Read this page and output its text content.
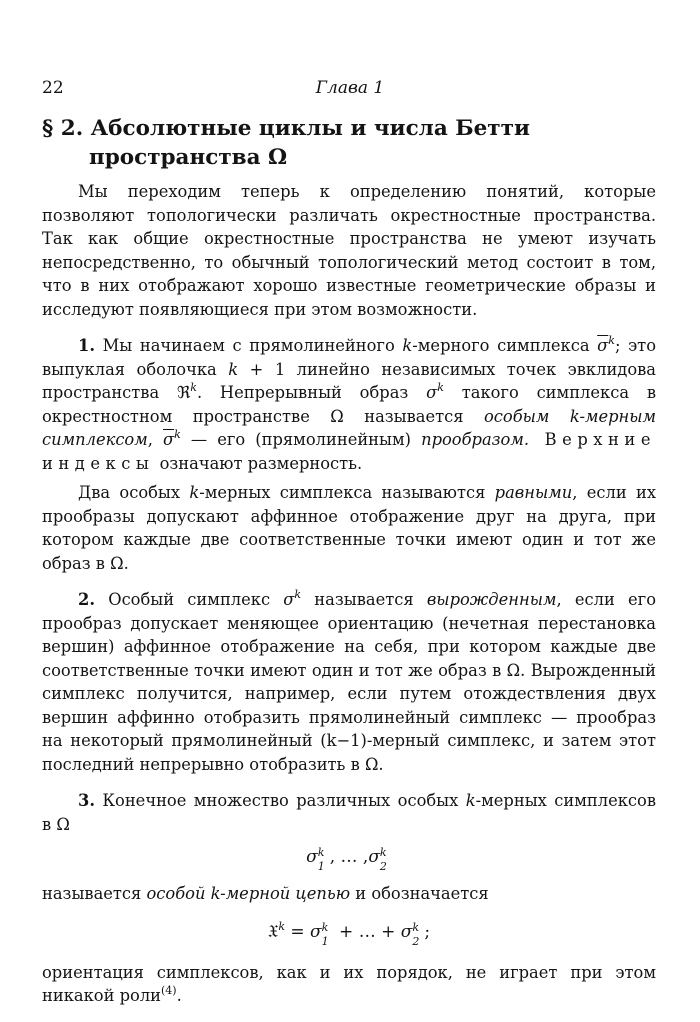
22	Глава 1
§ 2. Абсолютные циклы и числа Бетти
пространства Ω

Мы переходим теперь к определению понятий, которые позволяют топологически различать окрестностные пространства. Так как общие окрестностные пространства не умеют изучать непосредственно, то обычный топологический метод состоит в том, что в них отображают хорошо известные геометрические образы и исследуют появляющиеся при этом возможности.

1. Мы начинаем с прямолинейного k-мерного симплекса $\overline{\sigma}^k$; это выпуклая оболочка k + 1 линейно независимых точек эвклидова пространства ℜ$^k$. Непрерывный образ $\sigma^k$ такого симплекса в окрестностном пространстве Ω называется особым k-мерным симплексом, $\overline{\sigma}^k$ — его (прямолинейным) прообразом. Верхние индексы означают размерность.

Два особых k-мерных симплекса называются равными, если их прообразы допускают аффинное отображение друг на друга, при котором каждые две соответственные точки имеют один и тот же образ в Ω.

2. Особый симплекс $\sigma^k$ называется вырожденным, если его прообраз допускает меняющее ориентацию (нечетная перестановка вершин) аффинное отображение на себя, при котором каждые две соответственные точки имеют один и тот же образ в Ω. Вырожденный симплекс получится, например, если путем отождествления двух вершин аффинно отобразить прямолинейный симплекс — прообраз на некоторый прямолинейный (k−1)-мерный симплекс, и затем этот последний непрерывно отобразить в Ω.

3. Конечное множество различных особых k-мерных симплексов в Ω

σ k
1 , … ,σ k
2

называется особой k-мерной цепью и обозначается

𝔛$^k$ = σ k
1 + … + σ k
2 ;

ориентация симплексов, как и их порядок, не играет при этом никакой роли$^{(4)}$.
